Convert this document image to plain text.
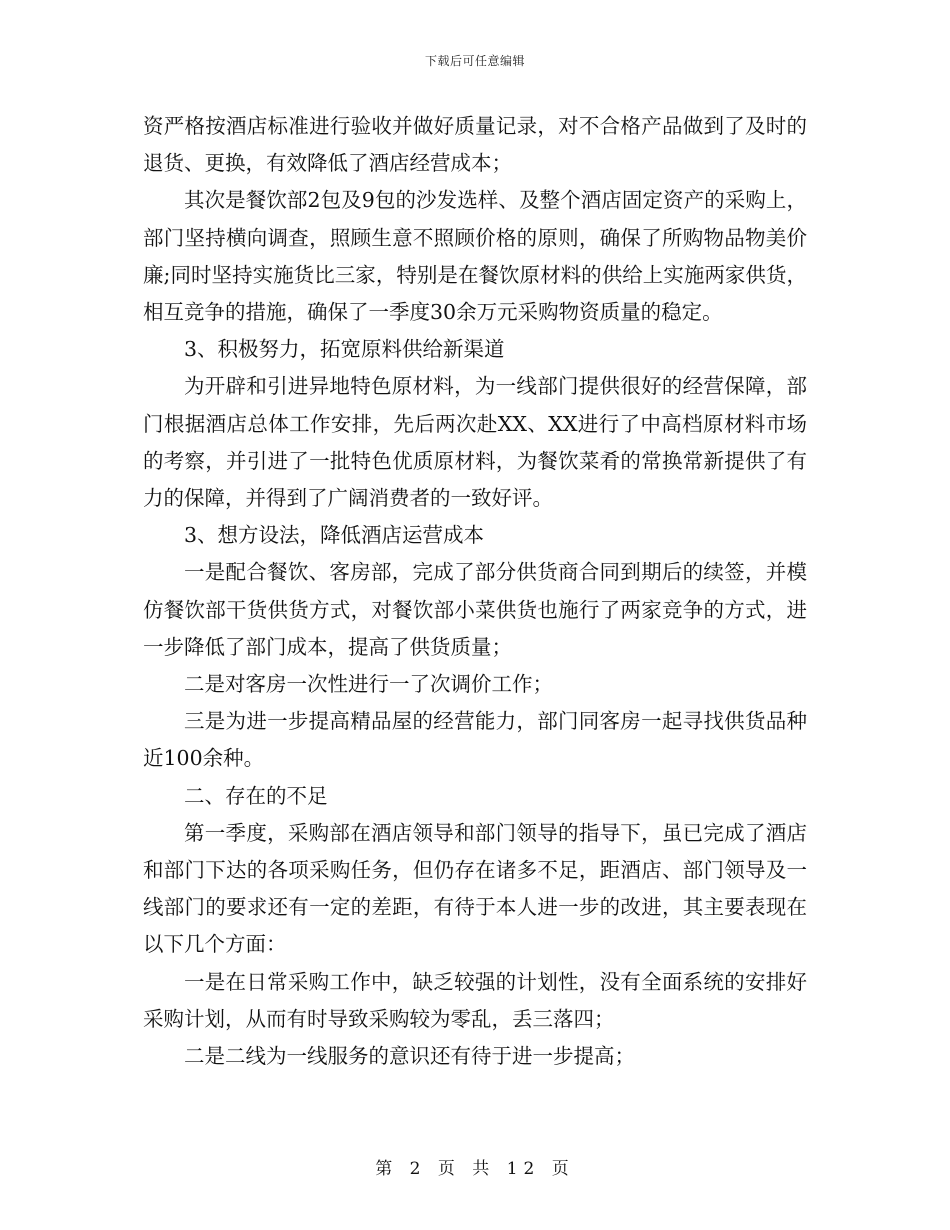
下载后可任意编辑

资严格按酒店标准进行验收并做好质量记录，对不合格产品做到了及时的退货、更换，有效降低了酒店经营成本；

其次是餐饮部2包及9包的沙发选样、及整个酒店固定资产的采购上，部门坚持横向调查，照顾生意不照顾价格的原则，确保了所购物品物美价廉;同时坚持实施货比三家，特别是在餐饮原材料的供给上实施两家供货，相互竞争的措施，确保了一季度30余万元采购物资质量的稳定。

3、积极努力，拓宽原料供给新渠道

为开辟和引进异地特色原材料，为一线部门提供很好的经营保障，部门根据酒店总体工作安排，先后两次赴XX、XX进行了中高档原材料市场的考察，并引进了一批特色优质原材料，为餐饮菜肴的常换常新提供了有力的保障，并得到了广阔消费者的一致好评。

3、想方设法，降低酒店运营成本

一是配合餐饮、客房部，完成了部分供货商合同到期后的续签，并模仿餐饮部干货供货方式，对餐饮部小菜供货也施行了两家竞争的方式，进一步降低了部门成本，提高了供货质量；

二是对客房一次性进行一了次调价工作；

三是为进一步提高精品屋的经营能力，部门同客房一起寻找供货品种近100余种。

二、存在的不足

第一季度，采购部在酒店领导和部门领导的指导下，虽已完成了酒店和部门下达的各项采购任务，但仍存在诸多不足，距酒店、部门领导及一线部门的要求还有一定的差距，有待于本人进一步的改进，其主要表现在以下几个方面：

一是在日常采购工作中，缺乏较强的计划性，没有全面系统的安排好采购计划，从而有时导致采购较为零乱，丢三落四；

二是二线为一线服务的意识还有待于进一步提高；

第 2 页 共 12 页
